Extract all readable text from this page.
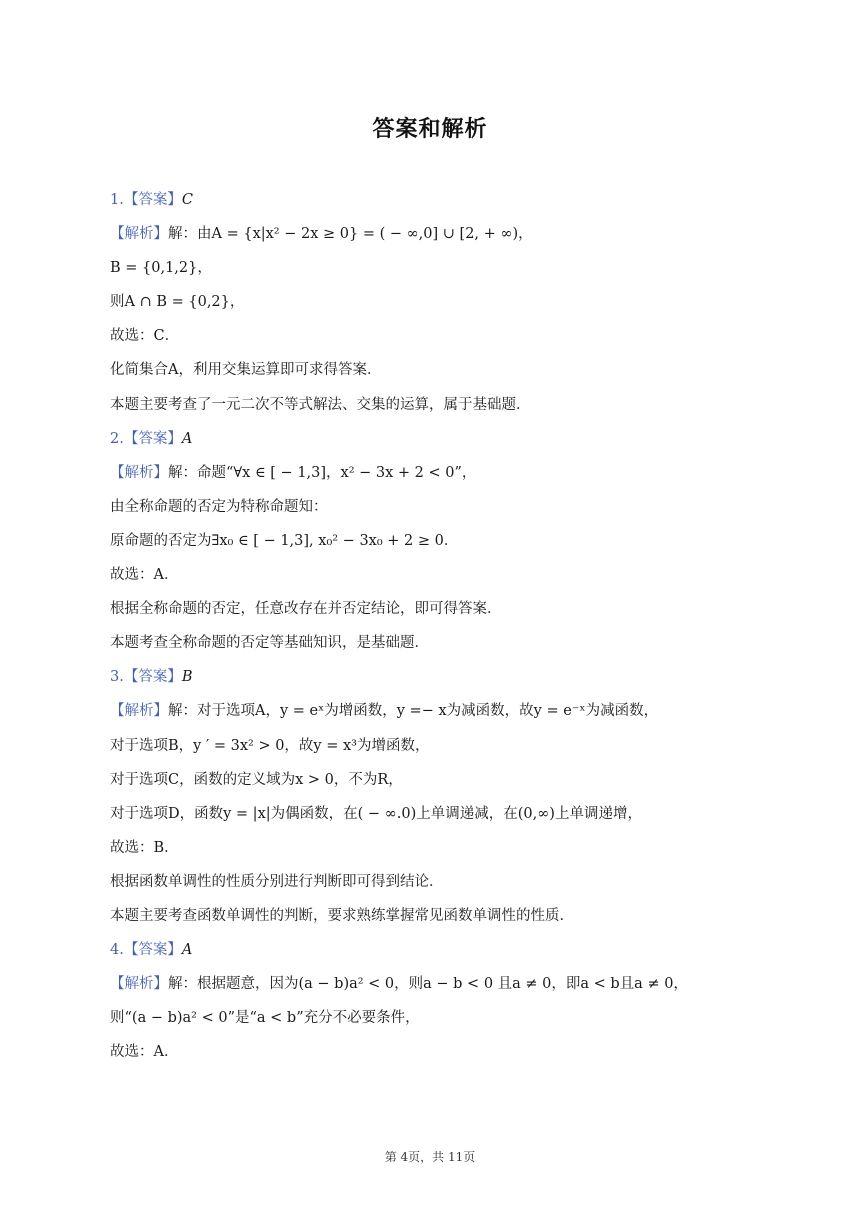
答案和解析
1.【答案】C
【解析】解：由A = {x|x² − 2x ≥ 0} = ( − ∞,0] ∪ [2, + ∞)，
B = {0,1,2}，
则A ∩ B = {0,2}，
故选：C．
化简集合A，利用交集运算即可求得答案．
本题主要考查了一元二次不等式解法、交集的运算，属于基础题．
2.【答案】A
【解析】解：命题“∀x ∈ [ − 1,3]，x² − 3x + 2 < 0”，
由全称命题的否定为特称命题知：
原命题的否定为∃x₀ ∈ [ − 1,3], x₀² − 3x₀ + 2 ≥ 0．
故选：A．
根据全称命题的否定，任意改存在并否定结论，即可得答案．
本题考查全称命题的否定等基础知识，是基础题．
3.【答案】B
【解析】解：对于选项A，y = eˣ为增函数，y =− x为减函数，故y = e⁻ˣ为减函数，
对于选项B，y ′ = 3x² > 0，故y = x³为增函数，
对于选项C，函数的定义域为x > 0，不为R，
对于选项D，函数y = |x|为偶函数，在( − ∞.0)上单调递减，在(0,∞)上单调递增，
故选：B．
根据函数单调性的性质分别进行判断即可得到结论．
本题主要考查函数单调性的判断，要求熟练掌握常见函数单调性的性质．
4.【答案】A
【解析】解：根据题意，因为(a − b)a² < 0，则a − b < 0 且a ≠ 0，即a < b且a ≠ 0，
则“(a − b)a² < 0”是“a < b”充分不必要条件，
故选：A．
第 4页，共 11页
